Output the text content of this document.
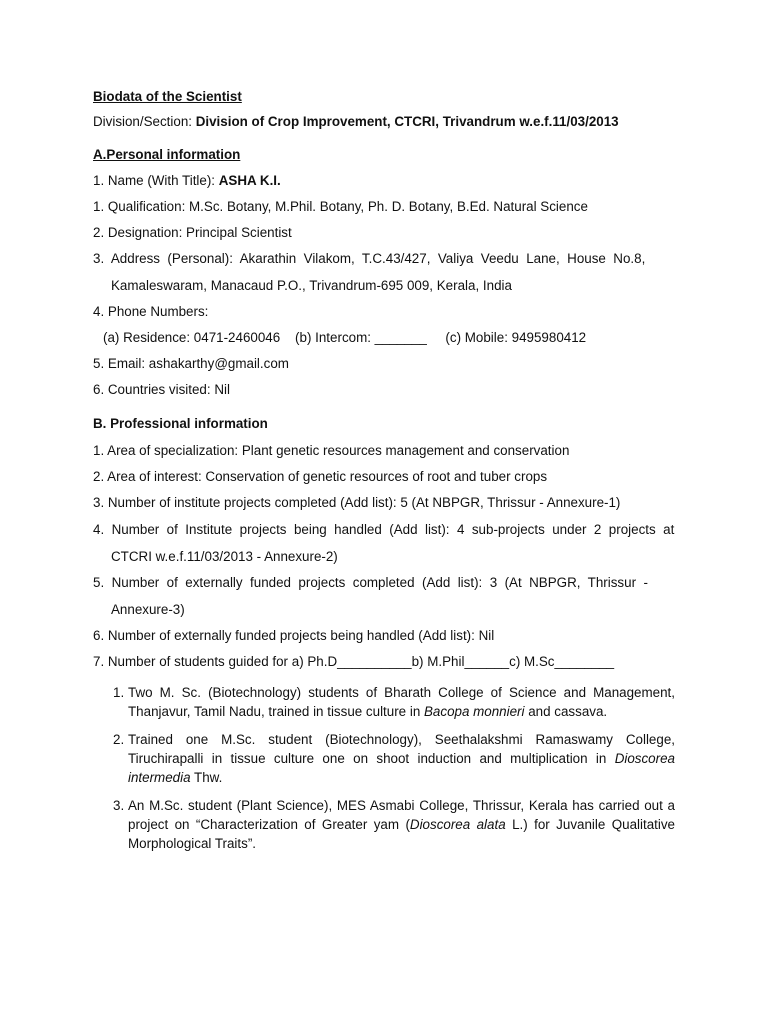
Biodata of the Scientist

Division/Section: Division of Crop Improvement, CTCRI, Trivandrum w.e.f.11/03/2013

A.Personal information

1. Name (With Title): ASHA K.I.

1. Qualification: M.Sc. Botany, M.Phil. Botany, Ph. D. Botany, B.Ed. Natural Science

2. Designation: Principal Scientist

3.  Address  (Personal):  Akarathin  Vilakom,  T.C.43/427,  Valiya  Veedu  Lane,  House  No.8,

Kamaleswaram, Manacaud P.O., Trivandrum-695 009, Kerala, India

4. Phone Numbers:

(a) Residence: 0471-2460046    (b) Intercom: _______     (c) Mobile: 9495980412

5. Email: ashakarthy@gmail.com

6. Countries visited: Nil

B. Professional information

1. Area of specialization: Plant genetic resources management and conservation

2. Area of interest: Conservation of genetic resources of root and tuber crops

3. Number of institute projects completed (Add list): 5 (At NBPGR, Thrissur - Annexure-1)

4.  Number  of  Institute  projects  being  handled  (Add  list):  4  sub-projects  under  2  projects  at

CTCRI w.e.f.11/03/2013 - Annexure-2)

5.  Number  of  externally  funded  projects  completed  (Add  list):  3  (At  NBPGR,  Thrissur  -

Annexure-3)

6. Number of externally funded projects being handled (Add list): Nil

7. Number of students guided for a) Ph.D__________b) M.Phil______c) M.Sc________

1. Two M. Sc. (Biotechnology) students of Bharath College of Science and Management, Thanjavur, Tamil Nadu, trained in tissue culture in Bacopa monnieri and cassava.
2. Trained one M.Sc. student (Biotechnology), Seethalakshmi Ramaswamy College, Tiruchirapalli in tissue culture one on shoot induction and multiplication in Dioscorea intermedia Thw.
3. An M.Sc. student (Plant Science), MES Asmabi College, Thrissur, Kerala has carried out a project on “Characterization of Greater yam (Dioscorea alata L.) for Juvanile Qualitative Morphological Traits”.
